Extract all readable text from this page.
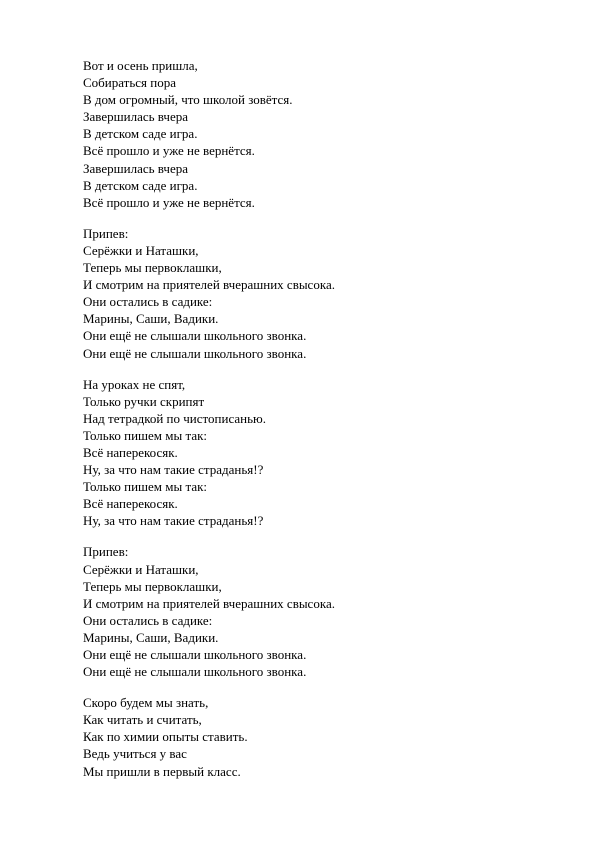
Вот и осень пришла,
Собираться пора
В дом огромный, что школой зовётся.
Завершилась вчера
В детском саде игра.
Всё прошло и уже не вернётся.
Завершилась вчера
В детском саде игра.
Всё прошло и уже не вернётся.
Припев:
Серёжки и Наташки,
Теперь мы первоклашки,
И смотрим на приятелей вчерашних свысока.
Они остались в садике:
Марины, Саши, Вадики.
Они ещё не слышали школьного звонка.
Они ещё не слышали школьного звонка.
На уроках не спят,
Только ручки скрипят
Над тетрадкой по чистописанью.
Только пишем мы так:
Всё наперекосяк.
Ну, за что нам такие страданья!?
Только пишем мы так:
Всё наперекосяк.
Ну, за что нам такие страданья!?
Припев:
Серёжки и Наташки,
Теперь мы первоклашки,
И смотрим на приятелей вчерашних свысока.
Они остались в садике:
Марины, Саши, Вадики.
Они ещё не слышали школьного звонка.
Они ещё не слышали школьного звонка.
Скоро будем мы знать,
Как читать и считать,
Как по химии опыты ставить.
Ведь учиться у вас
Мы пришли в первый класс.
